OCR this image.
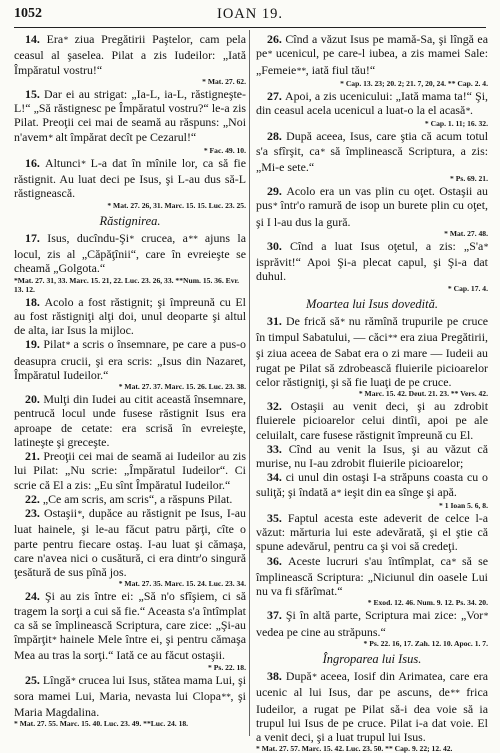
1052	IOAN 19.

14. Era* ziua Pregătirii Paştelor, cam pela ceasul al şaselea. Pilat a zis Iudeilor: „Iată Împăratul vostru!“

* Mat. 27. 62.

15. Dar ei au strigat: „Ia-L, ia-L, răstigneşte-L!“ „Să răstignesc pe Împăratul vostru?“ le-a zis Pilat. Preoţii cei mai de seamă au răspuns: „Noi n'avem* alt împărat decît pe Cezarul!“

* Fac. 49. 10.

16. Altunci* L-a dat în mînile lor, ca să fie răstignit. Au luat deci pe Isus, şi L-au dus să-L răstignească.

* Mat. 27. 26, 31. Marc. 15. 15. Luc. 23. 25.
Răstignirea.

17. Isus, ducîndu-Şi* crucea, a** ajuns la locul, zis al „Căpăţînii“, care în evreieşte se cheamă „Golgota.“

*Mat. 27. 31, 33. Marc. 15. 21, 22. Luc. 23. 26, 33. **Num. 15. 36. Evr. 13. 12.

18. Acolo a fost răstignit; şi împreună cu El au fost răstigniţi alţi doi, unul deoparte şi altul de alta, iar Isus la mijloc.

19. Pilat* a scris o însemnare, pe care a pus-o deasupra crucii, şi era scris: „Isus din Nazaret, Împăratul Iudeilor.“

* Mat. 27. 37. Marc. 15. 26. Luc. 23. 38.

20. Mulţi din Iudei au citit această însemnare, pentrucă locul unde fusese răstignit Isus era aproape de cetate: era scrisă în evreieşte, latineşte şi greceşte.

21. Preoţii cei mai de seamă ai Iudeilor au zis lui Pilat: „Nu scrie: „Împăratul Iudeilor“. Ci scrie că El a zis: „Eu sînt Împăratul Iudeilor.“

22. „Ce am scris, am scris“, a răspuns Pilat.

23. Ostaşii*, dupăce au răstignit pe Isus, I-au luat hainele, şi le-au făcut patru părţi, cîte o parte pentru fiecare ostaş. I-au luat şi cămaşa, care n'avea nici o cusătură, ci era dintr'o singură ţesătură de sus pînă jos.

* Mat. 27. 35. Marc. 15. 24. Luc. 23. 34.

24. Şi au zis între ei: „Să n'o sfîşiem, ci să tragem la sorţi a cui să fie.“ Aceasta s'a întîmplat ca să se împlinească Scriptura, care zice: „Şi-au împărţit* hainele Mele între ei, şi pentru cămaşa Mea au tras la sorţi.“ Iată ce au făcut ostaşii.

* Ps. 22. 18.

25. Lîngă* crucea lui Isus, stătea mama Lui, şi sora mamei Lui, Maria, nevasta lui Clopa**, şi Maria Magdalina.

* Mat. 27. 55. Marc. 15. 40. Luc. 23. 49. **Luc. 24. 18.

26. Cînd a văzut Isus pe mamă-Sa, şi lîngă ea pe* ucenicul, pe care-l iubea, a zis mamei Sale: „Femeie**, iată fiul tău!“

* Cap. 13. 23; 20. 2; 21. 7, 20, 24. ** Cap. 2. 4.

27. Apoi, a zis ucenicului: „Iată mama ta!“ Şi, din ceasul acela ucenicul a luat-o la el acasă*.

* Cap. 1. 11; 16. 32.

28. După aceea, Isus, care ştia că acum totul s'a sfîrşit, ca* să împlinească Scriptura, a zis: „Mi-e sete.“

* Ps. 69. 21.

29. Acolo era un vas plin cu oţet. Ostaşii au pus* într'o ramură de isop un burete plin cu oţet, şi I l-au dus la gură.

* Mat. 27. 48.

30. Cînd a luat Isus oţetul, a zis: „S'a* isprăvit!“ Apoi Şi-a plecat capul, şi Şi-a dat duhul.

* Cap. 17. 4.
Moartea lui Isus dovedită.

31. De frică să* nu rămînă trupurile pe cruce în timpul Sabatului, — căci** era ziua Pregătirii, şi ziua aceea de Sabat era o zi mare — Iudeii au rugat pe Pilat să zdrobească fluierile picioarelor celor răstigniţi, şi să fie luaţi de pe cruce.

* Marc. 15. 42. Deut. 21. 23. ** Vers. 42.

32. Ostaşii au venit deci, şi au zdrobit fluierele picioarelor celui dintîi, apoi pe ale celuilalt, care fusese răstignit împreună cu El.

33. Cînd au venit la Isus, şi au văzut că murise, nu I-au zdrobit fluierile picioarelor;

34. ci unul din ostaşi I-a străpuns coasta cu o suliţă; şi îndată a* ieşit din ea sînge şi apă.

* 1 Ioan 5. 6, 8.

35. Faptul acesta este adeverit de celce l-a văzut: mărturia lui este adevărată, şi el ştie că spune adevărul, pentru ca şi voi să credeţi.

36. Aceste lucruri s'au întîmplat, ca* să se împlinească Scriptura: „Niciunul din oasele Lui nu va fi sfărîmat.“

* Exod. 12. 46. Num. 9. 12. Ps. 34. 20.

37. Şi în altă parte, Scriptura mai zice: „Vor* vedea pe cine au străpuns.“

* Ps. 22. 16, 17. Zah. 12. 10. Apoc. 1. 7.
Îngroparea lui Isus.

38. După* aceea, Iosif din Arimatea, care era ucenic al lui Isus, dar pe ascuns, de** frica Iudeilor, a rugat pe Pilat să-i dea voie să ia trupul lui Isus de pe cruce. Pilat i-a dat voie. El a venit deci, şi a luat trupul lui Isus.

* Mat. 27. 57. Marc. 15. 42. Luc. 23. 50. ** Cap. 9. 22; 12. 42.
